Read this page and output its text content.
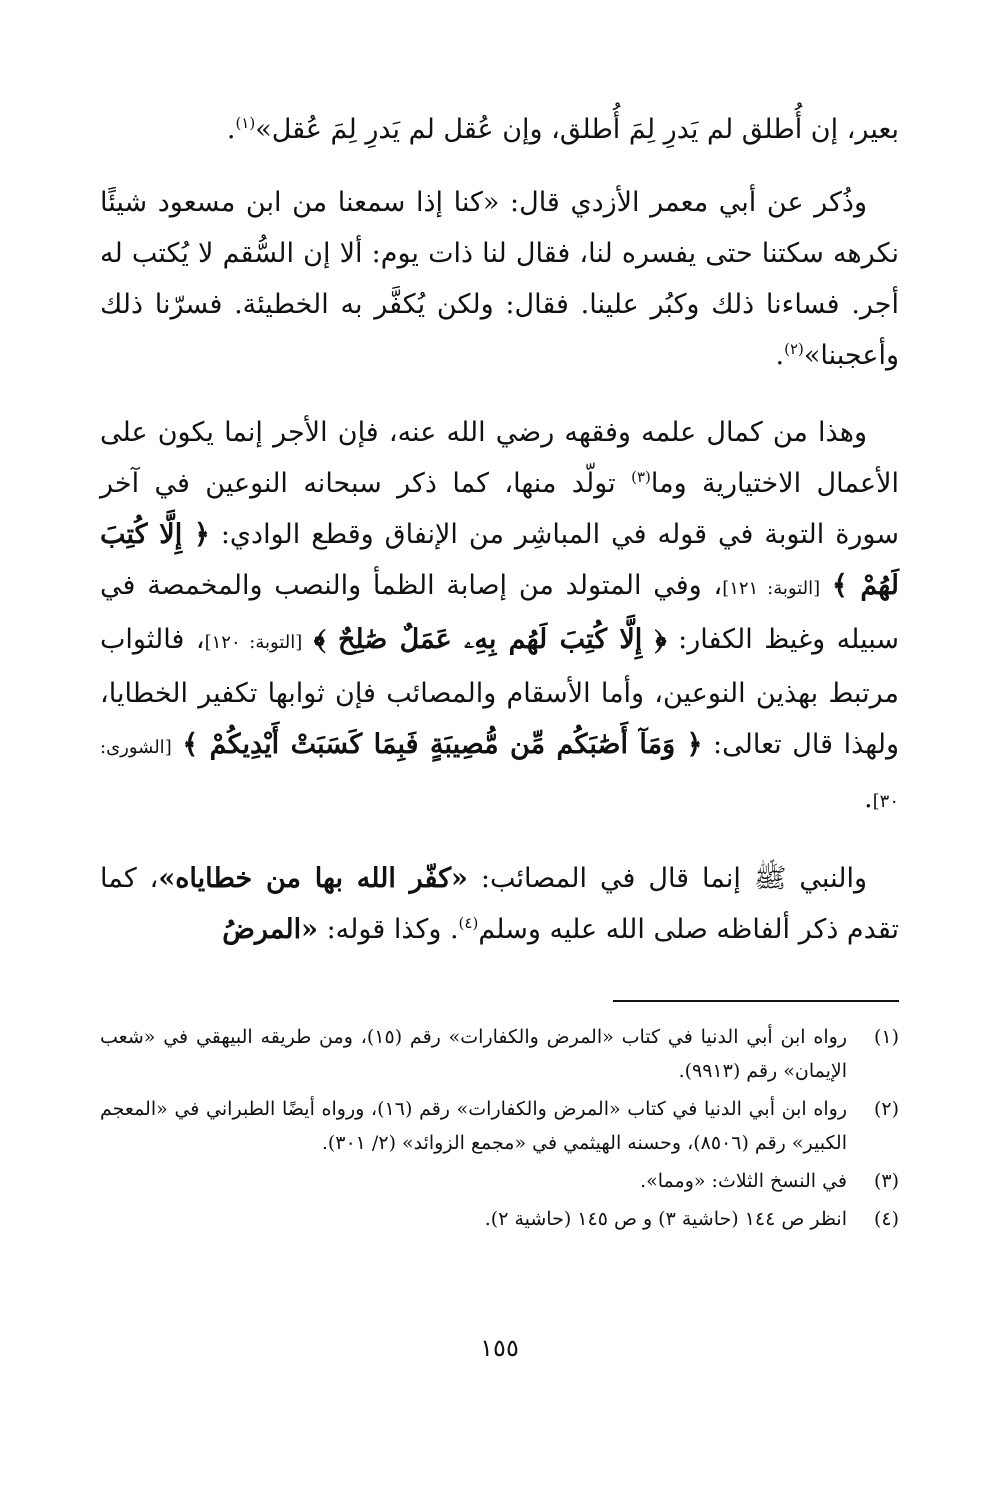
بعير، إن أُطلق لم يَدرِ لِمَ أُطلق، وإن عُقل لم يَدرِ لِمَ عُقل»$^{(١)}$.

وذُكر عن أبي معمر الأزدي قال: «كنا إذا سمعنا من ابن مسعود شيئًا نكرهه سكتنا حتى يفسره لنا، فقال لنا ذات يوم: ألا إن السُّقم لا يُكتب له أجر. فساءنا ذلك وكبُر علينا. فقال: ولكن يُكفَّر به الخطيئة. فسرّنا ذلك وأعجبنا»$^{(٢)}$.

وهذا من كمال علمه وفقهه رضي الله عنه، فإن الأجر إنما يكون على الأعمال الاختيارية وما$^{(٣)}$ تولّد منها، كما ذكر سبحانه النوعين في آخر سورة التوبة في قوله في المباشِر من الإنفاق وقطع الوادي: ﴿ إِلَّا كُتِبَ لَهُمْ ﴾ [التوبة: ١٢١]، وفي المتولد من إصابة الظمأ والنصب والمخمصة في سبيله وغيظ الكفار: ﴿ إِلَّا كُتِبَ لَهُم بِهِۦ عَمَلٌ صَٰلِحٌ ﴾ [التوبة: ١٢٠]، فالثواب مرتبط بهذين النوعين، وأما الأسقام والمصائب فإن ثوابها تكفير الخطايا، ولهذا قال تعالى: ﴿ وَمَآ أَصَٰبَكُم مِّن مُّصِيبَةٍ فَبِمَا كَسَبَتْ أَيْدِيكُمْ ﴾ [الشورى: ٣٠].

والنبي ﷺ إنما قال في المصائب: «كفّر الله بها من خطاياه»، كما تقدم ذكر ألفاظه صلى الله عليه وسلم$^{(٤)}$. وكذا قوله: «المرضُ

(١)
رواه ابن أبي الدنيا في كتاب «المرض والكفارات» رقم (١٥)، ومن طريقه البيهقي في «شعب الإيمان» رقم (٩٩١٣).
(٢)
رواه ابن أبي الدنيا في كتاب «المرض والكفارات» رقم (١٦)، ورواه أيضًا الطبراني في «المعجم الكبير» رقم (٨٥٠٦)، وحسنه الهيثمي في «مجمع الزوائد» (٢/ ٣٠١).
(٣)
في النسخ الثلاث: «ومما».
(٤)
انظر ص ١٤٤ (حاشية ٣) و ص ١٤٥ (حاشية ٢).
١٥٥
